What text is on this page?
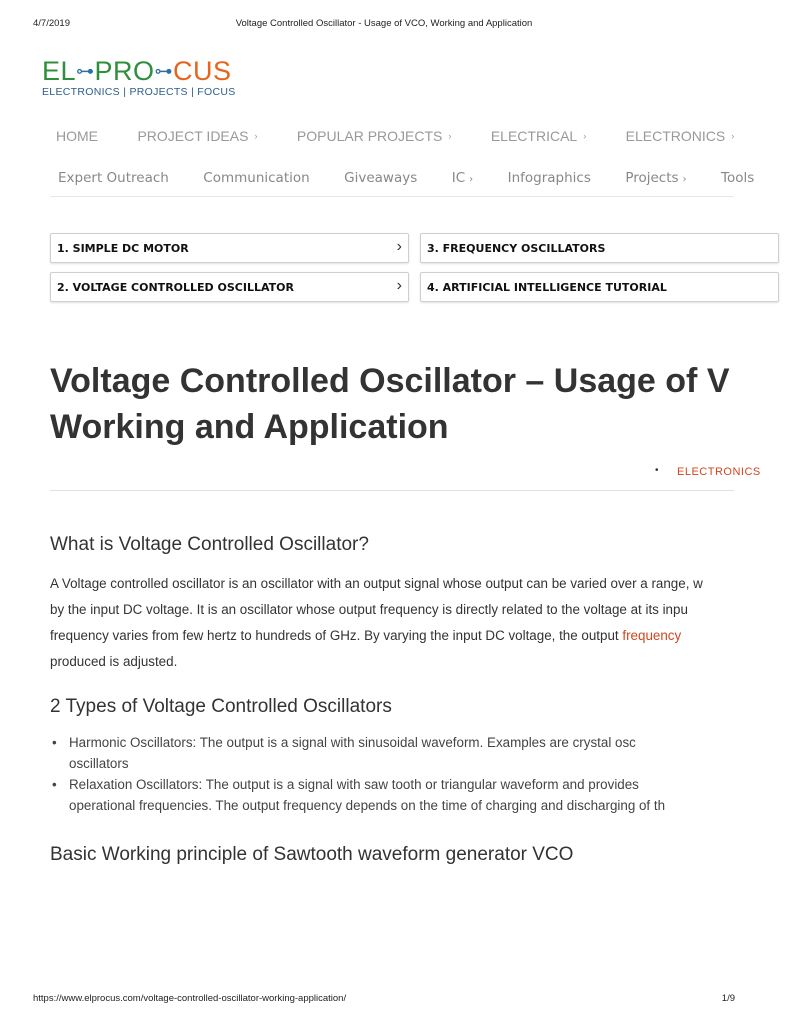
4/7/2019	Voltage Controlled Oscillator - Usage of VCO, Working and Application
EL⊶PRO⊶CUS
ELECTRONICS | PROJECTS | FOCUS
HOME	PROJECT IDEAS ›	POPULAR PROJECTS ›	ELECTRICAL ›	ELECTRONICS ›
Expert Outreach	Communication	Giveaways	IC ›	Infographics	Projects ›	Tools
1. SIMPLE DC MOTOR	›
2. VOLTAGE CONTROLLED OSCILLATOR	›
3. FREQUENCY OSCILLATORS
4. ARTIFICIAL INTELLIGENCE TUTORIAL
Voltage Controlled Oscillator – Usage of V
Working and Application
• ELECTRONICS
What is Voltage Controlled Oscillator?
A Voltage controlled oscillator is an oscillator with an output signal whose output can be varied over a range, w
by the input DC voltage. It is an oscillator whose output frequency is directly related to the voltage at its inpu
frequency varies from few hertz to hundreds of GHz. By varying the input DC voltage, the output frequency
produced is adjusted.
2 Types of Voltage Controlled Oscillators
• Harmonic Oscillators: The output is a signal with sinusoidal waveform. Examples are crystal osc
oscillators
• Relaxation Oscillators: The output is a signal with saw tooth or triangular waveform and provides
operational frequencies. The output frequency depends on the time of charging and discharging of th
Basic Working principle of Sawtooth waveform generator VCO
https://www.elprocus.com/voltage-controlled-oscillator-working-application/	1/9
